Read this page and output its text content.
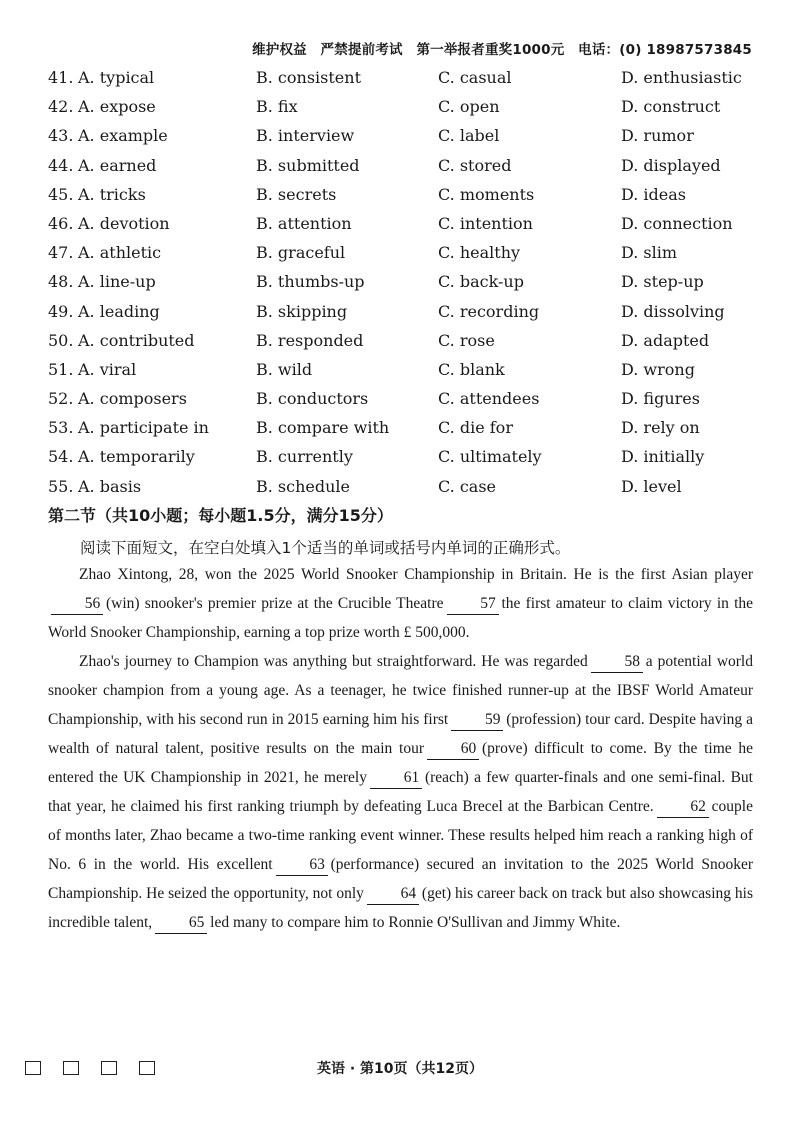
维护权益　严禁提前考试　第一举报者重奖1000元　电话：(0) 18987573845
41. A. typical	B. consistent	C. casual	D. enthusiastic
42. A. expose	B. fix	C. open	D. construct
43. A. example	B. interview	C. label	D. rumor
44. A. earned	B. submitted	C. stored	D. displayed
45. A. tricks	B. secrets	C. moments	D. ideas
46. A. devotion	B. attention	C. intention	D. connection
47. A. athletic	B. graceful	C. healthy	D. slim
48. A. line-up	B. thumbs-up	C. back-up	D. step-up
49. A. leading	B. skipping	C. recording	D. dissolving
50. A. contributed	B. responded	C. rose	D. adapted
51. A. viral	B. wild	C. blank	D. wrong
52. A. composers	B. conductors	C. attendees	D. figures
53. A. participate in	B. compare with	C. die for	D. rely on
54. A. temporarily	B. currently	C. ultimately	D. initially
55. A. basis	B. schedule	C. case	D. level
第二节（共10小题；每小题1.5分，满分15分）
阅读下面短文，在空白处填入1个适当的单词或括号内单词的正确形式。

Zhao Xintong, 28, won the 2025 World Snooker Championship in Britain. He is the first Asian player56 (win) snooker's premier prize at the Crucible Theatre 57 the first amateur to claim victory in the World Snooker Championship, earning a top prize worth £ 500,000.

Zhao's journey to Champion was anything but straightforward. He was regarded 58 a potential world snooker champion from a young age. As a teenager, he twice finished runner-up at the IBSF World Amateur Championship, with his second run in 2015 earning him his first 59 (profession) tour card. Despite having a wealth of natural talent, positive results on the main tour 60 (prove) difficult to come. By the time he entered the UK Championship in 2021, he merely 61 (reach) a few quarter-finals and one semi-final. But that year, he claimed his first ranking triumph by defeating Luca Brecel at the Barbican Centre. 62 couple of months later, Zhao became a two-time ranking event winner. These results helped him reach a ranking high of No. 6 in the world. His excellent 63 (performance) secured an invitation to the 2025 World Snooker Championship. He seized the opportunity, not only 64 (get) his career back on track but also showcasing his incredible talent, 65 led many to compare him to Ronnie O'Sullivan and Jimmy White.

英语 · 第10页（共12页）
